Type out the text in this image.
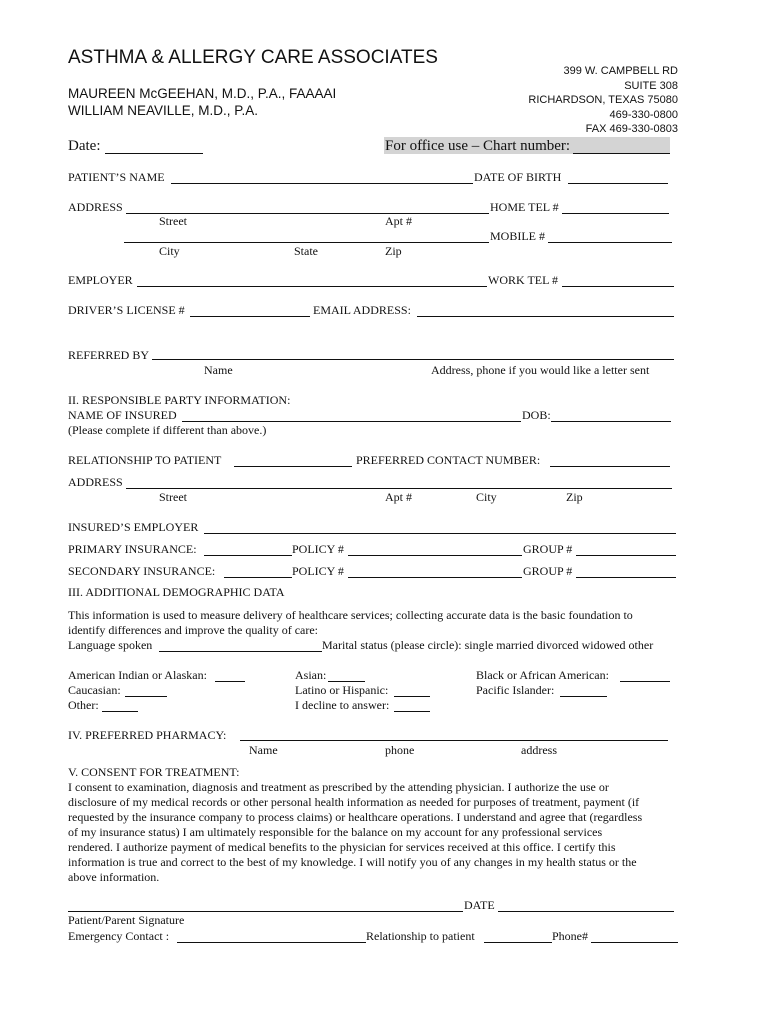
ASTHMA & ALLERGY CARE ASSOCIATES
MAUREEN McGEEHAN, M.D., P.A., FAAAAI
WILLIAM NEAVILLE, M.D., P.A.
399 W. CAMPBELL RD
SUITE 308
RICHARDSON, TEXAS 75080
469-330-0800
FAX 469-330-0803
Date:	For office use – Chart number:
PATIENT’S NAME	DATE OF BIRTH
ADDRESS	HOME TEL #
Street	Apt #
MOBILE #
City	State	Zip
EMPLOYER	WORK TEL #
DRIVER’S LICENSE #	EMAIL ADDRESS:
REFERRED BY
Name	Address, phone if you would like a letter sent
II. RESPONSIBLE PARTY INFORMATION:
NAME OF INSURED	DOB:
(Please complete if different than above.)
RELATIONSHIP TO PATIENT	PREFERRED CONTACT NUMBER:
ADDRESS
Street	Apt #	City	Zip
INSURED’S EMPLOYER
PRIMARY INSURANCE:	POLICY #	GROUP #
SECONDARY INSURANCE:	POLICY #	GROUP #
III. ADDITIONAL DEMOGRAPHIC DATA
This information is used to measure delivery of healthcare services; collecting accurate data is the basic foundation to
identify differences and improve the quality of care:
Language spoken	Marital status (please circle): single married divorced widowed other
American Indian or Alaskan:	Asian:	Black or African American:
Caucasian:	Latino or Hispanic:	Pacific Islander:
Other:	I decline to answer:
IV. PREFERRED PHARMACY:
Name	phone	address
V. CONSENT FOR TREATMENT:
I consent to examination, diagnosis and treatment as prescribed by the attending physician. I authorize the use or
disclosure of my medical records or other personal health information as needed for purposes of treatment, payment (if
requested by the insurance company to process claims) or healthcare operations. I understand and agree that (regardless
of my insurance status) I am ultimately responsible for the balance on my account for any professional services
rendered. I authorize payment of medical benefits to the physician for services received at this office. I certify this
information is true and correct to the best of my knowledge. I will notify you of any changes in my health status or the
above information.
DATE
Patient/Parent Signature
Emergency Contact :	Relationship to patient	Phone#
